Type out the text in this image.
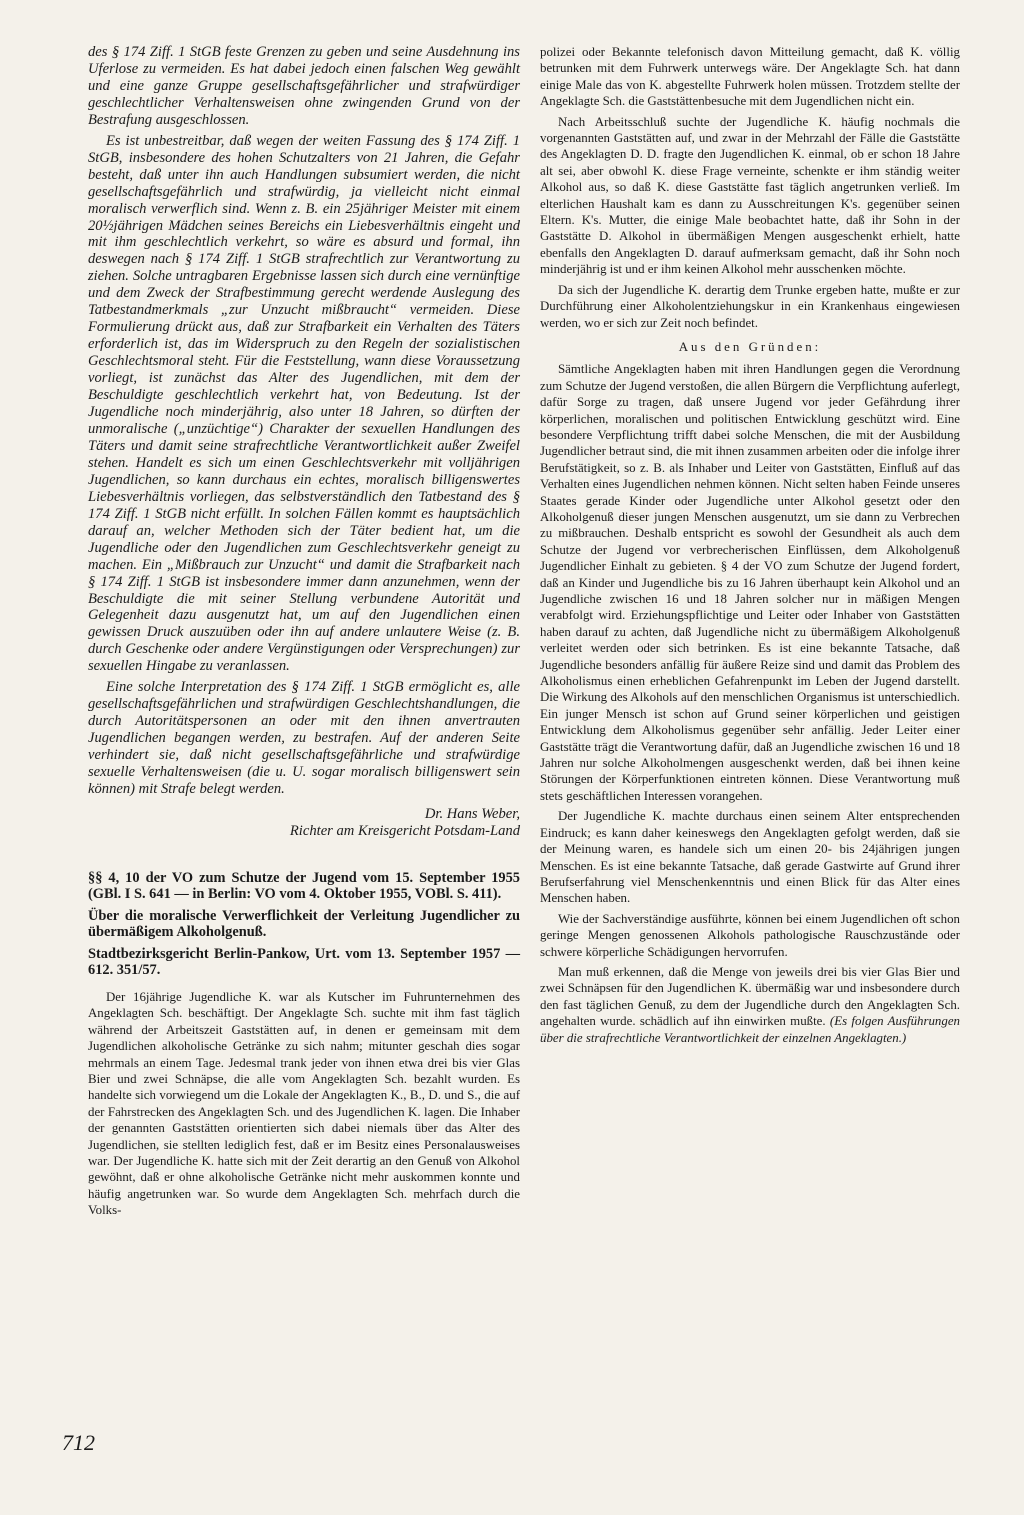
des § 174 Ziff. 1 StGB feste Grenzen zu geben und seine Ausdehnung ins Uferlose zu vermeiden. Es hat dabei jedoch einen falschen Weg gewählt und eine ganze Gruppe gesellschaftsgefährlicher und strafwürdiger geschlechtlicher Verhaltensweisen ohne zwingenden Grund von der Bestrafung ausgeschlossen.

Es ist unbestreitbar, daß wegen der weiten Fassung des § 174 Ziff. 1 StGB, insbesondere des hohen Schutzalters von 21 Jahren, die Gefahr besteht, daß unter ihn auch Handlungen subsumiert werden, die nicht gesellschaftsgefährlich und strafwürdig, ja vielleicht nicht einmal moralisch verwerflich sind. Wenn z. B. ein 25jähriger Meister mit einem 20½jährigen Mädchen seines Bereichs ein Liebesverhältnis eingeht und mit ihm geschlechtlich verkehrt, so wäre es absurd und formal, ihn deswegen nach § 174 Ziff. 1 StGB strafrechtlich zur Verantwortung zu ziehen. Solche untragbaren Ergebnisse lassen sich durch eine vernünftige und dem Zweck der Strafbestimmung gerecht werdende Auslegung des Tatbestandmerkmals „zur Unzucht mißbraucht“ vermeiden. Diese Formulierung drückt aus, daß zur Strafbarkeit ein Verhalten des Täters erforderlich ist, das im Widerspruch zu den Regeln der sozialistischen Geschlechtsmoral steht. Für die Feststellung, wann diese Voraussetzung vorliegt, ist zunächst das Alter des Jugendlichen, mit dem der Beschuldigte geschlechtlich verkehrt hat, von Bedeutung. Ist der Jugendliche noch minderjährig, also unter 18 Jahren, so dürften der unmoralische („unzüchtige“) Charakter der sexuellen Handlungen des Täters und damit seine strafrechtliche Verantwortlichkeit außer Zweifel stehen. Handelt es sich um einen Geschlechtsverkehr mit volljährigen Jugendlichen, so kann durchaus ein echtes, moralisch billigenswertes Liebesverhältnis vorliegen, das selbstverständlich den Tatbestand des § 174 Ziff. 1 StGB nicht erfüllt. In solchen Fällen kommt es hauptsächlich darauf an, welcher Methoden sich der Täter bedient hat, um die Jugendliche oder den Jugendlichen zum Geschlechtsverkehr geneigt zu machen. Ein „Mißbrauch zur Unzucht“ und damit die Strafbarkeit nach § 174 Ziff. 1 StGB ist insbesondere immer dann anzunehmen, wenn der Beschuldigte die mit seiner Stellung verbundene Autorität und Gelegenheit dazu ausgenutzt hat, um auf den Jugendlichen einen gewissen Druck auszuüben oder ihn auf andere unlautere Weise (z. B. durch Geschenke oder andere Vergünstigungen oder Versprechungen) zur sexuellen Hingabe zu veranlassen.

Eine solche Interpretation des § 174 Ziff. 1 StGB ermöglicht es, alle gesellschaftsgefährlichen und strafwürdigen Geschlechtshandlungen, die durch Autoritätspersonen an oder mit den ihnen anvertrauten Jugendlichen begangen werden, zu bestrafen. Auf der anderen Seite verhindert sie, daß nicht gesellschaftsgefährliche und strafwürdige sexuelle Verhaltensweisen (die u. U. sogar moralisch billigenswert sein können) mit Strafe belegt werden.

Dr. Hans Weber,
Richter am Kreisgericht Potsdam-Land

§§ 4, 10 der VO zum Schutze der Jugend vom 15. September 1955 (GBl. I S. 641 — in Berlin: VO vom 4. Oktober 1955, VOBl. S. 411).

Über die moralische Verwerflichkeit der Verleitung Jugendlicher zu übermäßigem Alkoholgenuß.

Stadtbezirksgericht Berlin-Pankow, Urt. vom 13. September 1957 — 612. 351/57.

Der 16jährige Jugendliche K. war als Kutscher im Fuhrunternehmen des Angeklagten Sch. beschäftigt. Der Angeklagte Sch. suchte mit ihm fast täglich während der Arbeitszeit Gaststätten auf, in denen er gemeinsam mit dem Jugendlichen alkoholische Getränke zu sich nahm; mitunter geschah dies sogar mehrmals an einem Tage. Jedesmal trank jeder von ihnen etwa drei bis vier Glas Bier und zwei Schnäpse, die alle vom Angeklagten Sch. bezahlt wurden. Es handelte sich vorwiegend um die Lokale der Angeklagten K., B., D. und S., die auf der Fahrstrecken des Angeklagten Sch. und des Jugendlichen K. lagen. Die Inhaber der genannten Gaststätten orientierten sich dabei niemals über das Alter des Jugendlichen, sie stellten lediglich fest, daß er im Besitz eines Personalausweises war. Der Jugendliche K. hatte sich mit der Zeit derartig an den Genuß von Alkohol gewöhnt, daß er ohne alkoholische Getränke nicht mehr auskommen konnte und häufig angetrunken war. So wurde dem Angeklagten Sch. mehrfach durch die Volks-

polizei oder Bekannte telefonisch davon Mitteilung gemacht, daß K. völlig betrunken mit dem Fuhrwerk unterwegs wäre. Der Angeklagte Sch. hat dann einige Male das von K. abgestellte Fuhrwerk holen müssen. Trotzdem stellte der Angeklagte Sch. die Gaststättenbesuche mit dem Jugendlichen nicht ein.

Nach Arbeitsschluß suchte der Jugendliche K. häufig nochmals die vorgenannten Gaststätten auf, und zwar in der Mehrzahl der Fälle die Gaststätte des Angeklagten D. D. fragte den Jugendlichen K. einmal, ob er schon 18 Jahre alt sei, aber obwohl K. diese Frage verneinte, schenkte er ihm ständig weiter Alkohol aus, so daß K. diese Gaststätte fast täglich angetrunken verließ. Im elterlichen Haushalt kam es dann zu Ausschreitungen K's. gegenüber seinen Eltern. K's. Mutter, die einige Male beobachtet hatte, daß ihr Sohn in der Gaststätte D. Alkohol in übermäßigen Mengen ausgeschenkt erhielt, hatte ebenfalls den Angeklagten D. darauf aufmerksam gemacht, daß ihr Sohn noch minderjährig ist und er ihm keinen Alkohol mehr ausschenken möchte.

Da sich der Jugendliche K. derartig dem Trunke ergeben hatte, mußte er zur Durchführung einer Alkoholentziehungskur in ein Krankenhaus eingewiesen werden, wo er sich zur Zeit noch befindet.

Aus den Gründen:

Sämtliche Angeklagten haben mit ihren Handlungen gegen die Verordnung zum Schutze der Jugend verstoßen, die allen Bürgern die Verpflichtung auferlegt, dafür Sorge zu tragen, daß unsere Jugend vor jeder Gefährdung ihrer körperlichen, moralischen und politischen Entwicklung geschützt wird. Eine besondere Verpflichtung trifft dabei solche Menschen, die mit der Ausbildung Jugendlicher betraut sind, die mit ihnen zusammen arbeiten oder die infolge ihrer Berufstätigkeit, so z. B. als Inhaber und Leiter von Gaststätten, Einfluß auf das Verhalten eines Jugendlichen nehmen können. Nicht selten haben Feinde unseres Staates gerade Kinder oder Jugendliche unter Alkohol gesetzt oder den Alkoholgenuß dieser jungen Menschen ausgenutzt, um sie dann zu Verbrechen zu mißbrauchen. Deshalb entspricht es sowohl der Gesundheit als auch dem Schutze der Jugend vor verbrecherischen Einflüssen, dem Alkoholgenuß Jugendlicher Einhalt zu gebieten. § 4 der VO zum Schutze der Jugend fordert, daß an Kinder und Jugendliche bis zu 16 Jahren überhaupt kein Alkohol und an Jugendliche zwischen 16 und 18 Jahren solcher nur in mäßigen Mengen verabfolgt wird. Erziehungspflichtige und Leiter oder Inhaber von Gaststätten haben darauf zu achten, daß Jugendliche nicht zu übermäßigem Alkoholgenuß verleitet werden oder sich betrinken. Es ist eine bekannte Tatsache, daß Jugendliche besonders anfällig für äußere Reize sind und damit das Problem des Alkoholismus einen erheblichen Gefahrenpunkt im Leben der Jugend darstellt. Die Wirkung des Alkohols auf den menschlichen Organismus ist unterschiedlich. Ein junger Mensch ist schon auf Grund seiner körperlichen und geistigen Entwicklung dem Alkoholismus gegenüber sehr anfällig. Jeder Leiter einer Gaststätte trägt die Verantwortung dafür, daß an Jugendliche zwischen 16 und 18 Jahren nur solche Alkoholmengen ausgeschenkt werden, daß bei ihnen keine Störungen der Körperfunktionen eintreten können. Diese Verantwortung muß stets geschäftlichen Interessen vorangehen.

Der Jugendliche K. machte durchaus einen seinem Alter entsprechenden Eindruck; es kann daher keineswegs den Angeklagten gefolgt werden, daß sie der Meinung waren, es handele sich um einen 20- bis 24jährigen jungen Menschen. Es ist eine bekannte Tatsache, daß gerade Gastwirte auf Grund ihrer Berufserfahrung viel Menschenkenntnis und einen Blick für das Alter eines Menschen haben.

Wie der Sachverständige ausführte, können bei einem Jugendlichen oft schon geringe Mengen genossenen Alkohols pathologische Rauschzustände oder schwere körperliche Schädigungen hervorrufen.

Man muß erkennen, daß die Menge von jeweils drei bis vier Glas Bier und zwei Schnäpsen für den Jugendlichen K. übermäßig war und insbesondere durch den fast täglichen Genuß, zu dem der Jugendliche durch den Angeklagten Sch. angehalten wurde. schädlich auf ihn einwirken mußte. (Es folgen Ausführungen über die strafrechtliche Verantwortlichkeit der einzelnen Angeklagten.)

712
